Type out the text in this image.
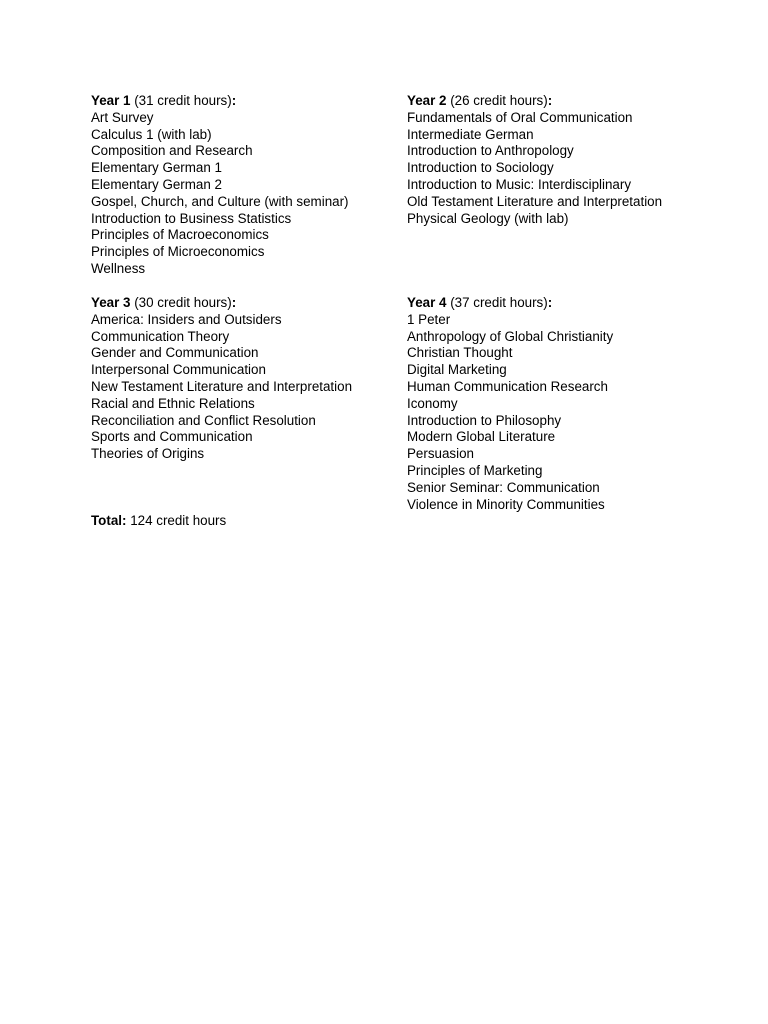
Year 1 (31 credit hours):
Art Survey
Calculus 1 (with lab)
Composition and Research
Elementary German 1
Elementary German 2
Gospel, Church, and Culture (with seminar)
Introduction to Business Statistics
Principles of Macroeconomics
Principles of Microeconomics
Wellness
Year 2 (26 credit hours):
Fundamentals of Oral Communication
Intermediate German
Introduction to Anthropology
Introduction to Sociology
Introduction to Music: Interdisciplinary
Old Testament Literature and Interpretation
Physical Geology (with lab)
Year 3 (30 credit hours):
America: Insiders and Outsiders
Communication Theory
Gender and Communication
Interpersonal Communication
New Testament Literature and Interpretation
Racial and Ethnic Relations
Reconciliation and Conflict Resolution
Sports and Communication
Theories of Origins
Year 4 (37 credit hours):
1 Peter
Anthropology of Global Christianity
Christian Thought
Digital Marketing
Human Communication Research
Iconomy
Introduction to Philosophy
Modern Global Literature
Persuasion
Principles of Marketing
Senior Seminar: Communication
Violence in Minority Communities
Total: 124 credit hours
